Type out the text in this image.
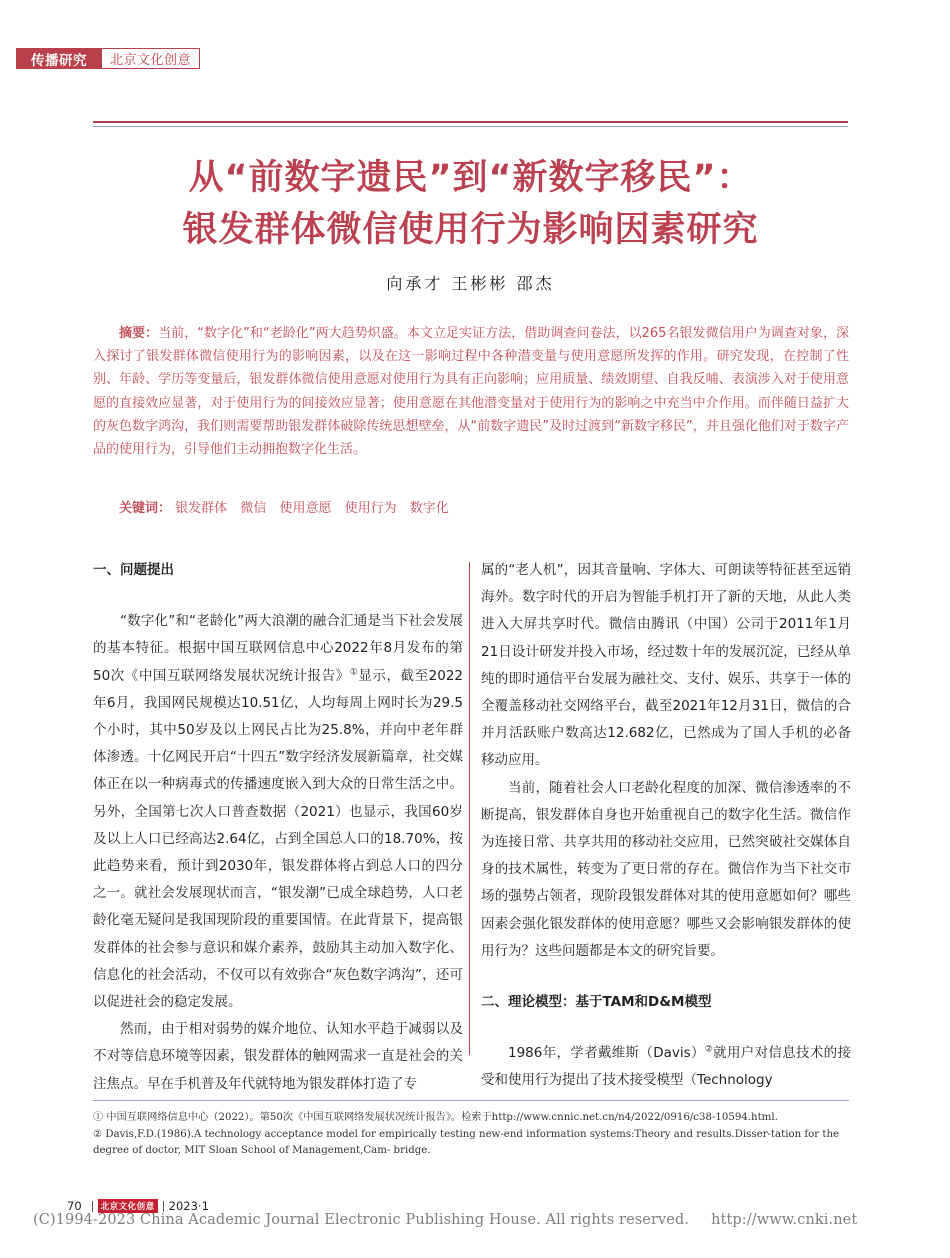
传播研究	北京文化创意
从“前数字遗民”到“新数字移民”：
银发群体微信使用行为影响因素研究
向承才 王彬彬 邵杰

摘要：当前，“数字化”和“老龄化”两大趋势炽盛。本文立足实证方法，借助调查问卷法，以265名银发微信用户为调查对象，深入探讨了银发群体微信使用行为的影响因素，以及在这一影响过程中各种潜变量与使用意愿所发挥的作用。研究发现，在控制了性别、年龄、学历等变量后，银发群体微信使用意愿对使用行为具有正向影响；应用质量、绩效期望、自我反哺、表演涉入对于使用意愿的直接效应显著，对于使用行为的间接效应显著；使用意愿在其他潜变量对于使用行为的影响之中充当中介作用。而伴随日益扩大的灰色数字鸿沟，我们则需要帮助银发群体破除传统思想壁垒，从“前数字遗民”及时过渡到“新数字移民”，并且强化他们对于数字产品的使用行为，引导他们主动拥抱数字化生活。

关键词： 银发群体 微信 使用意愿 使用行为 数字化
一、问题提出

“数字化”和“老龄化”两大浪潮的融合汇通是当下社会发展的基本特征。根据中国互联网信息中心2022年8月发布的第50次《中国互联网络发展状况统计报告》①显示，截至2022年6月，我国网民规模达10.51亿，人均每周上网时长为29.5个小时，其中50岁及以上网民占比为25.8%，并向中老年群体渗透。十亿网民开启“十四五”数字经济发展新篇章，社交媒体正在以一种病毒式的传播速度嵌入到大众的日常生活之中。另外，全国第七次人口普查数据（2021）也显示，我国60岁及以上人口已经高达2.64亿，占到全国总人口的18.70%，按此趋势来看，预计到2030年，银发群体将占到总人口的四分之一。就社会发展现状而言，“银发潮”已成全球趋势，人口老龄化毫无疑问是我国现阶段的重要国情。在此背景下，提高银发群体的社会参与意识和媒介素养，鼓励其主动加入数字化、信息化的社会活动，不仅可以有效弥合“灰色数字鸿沟”，还可以促进社会的稳定发展。

然而，由于相对弱势的媒介地位、认知水平趋于减弱以及不对等信息环境等因素，银发群体的触网需求一直是社会的关注焦点。早在手机普及年代就特地为银发群体打造了专

属的“老人机”，因其音量响、字体大、可朗读等特征甚至远销海外。数字时代的开启为智能手机打开了新的天地，从此人类进入大屏共享时代。微信由腾讯（中国）公司于2011年1月21日设计研发并投入市场，经过数十年的发展沉淀，已经从单纯的即时通信平台发展为融社交、支付、娱乐、共享于一体的全覆盖移动社交网络平台，截至2021年12月31日，微信的合并月活跃账户数高达12.682亿，已然成为了国人手机的必备移动应用。

当前，随着社会人口老龄化程度的加深、微信渗透率的不断提高，银发群体自身也开始重视自己的数字化生活。微信作为连接日常、共享共用的移动社交应用，已然突破社交媒体自身的技术属性，转变为了更日常的存在。微信作为当下社交市场的强势占领者，现阶段银发群体对其的使用意愿如何？哪些因素会强化银发群体的使用意愿？哪些又会影响银发群体的使用行为？这些问题都是本文的研究旨要。

二、理论模型：基于TAM和D&M模型

1986年，学者戴维斯（Davis）②就用户对信息技术的接受和使用行为提出了技术接受模型（Technology

① 中国互联网络信息中心（2022）。第50次《中国互联网络发展状况统计报告》。检索于http://www.cnnic.net.cn/n4/2022/0916/c38-10594.html.
② Davis,F.D.(1986).A technology acceptance model for empirically testing new-end information systems:Theory and results.Disser-tation for the degree of doctor, MIT Sloan School of Management,Cam- bridge.
70	北京文化创意 2023·1
(C)1994-2023 China Academic Journal Electronic Publishing House. All rights reserved. http://www.cnki.net
